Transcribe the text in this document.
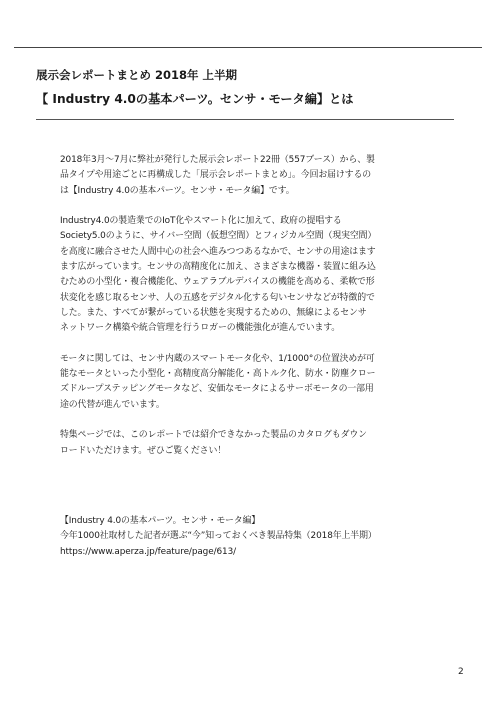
展示会レポートまとめ 2018年 上半期
【 Industry 4.0の基本パーツ。センサ・モータ編】とは

2018年3月〜7月に弊社が発行した展示会レポート22冊（557ブース）から、製
品タイプや用途ごとに再構成した「展示会レポートまとめ」。今回お届けするの
は【Industry 4.0の基本パーツ。センサ・モータ編】です。

Industry4.0の製造業でのIoT化やスマート化に加えて、政府の提唱する
Society5.0のように、サイバー空間（仮想空間）とフィジカル空間（現実空間）
を高度に融合させた人間中心の社会へ進みつつあるなかで、センサの用途はます
ます広がっています。センサの高精度化に加え、さまざまな機器・装置に組み込
むための小型化・複合機能化、ウェアラブルデバイスの機能を高める、柔軟で形
状変化を感じ取るセンサ、人の五感をデジタル化する匂いセンサなどが特徴的で
した。また、すべてが繋がっている状態を実現するための、無線によるセンサ
ネットワーク構築や統合管理を行うロガーの機能強化が進んでいます。

モータに関しては、センサ内蔵のスマートモータ化や、1/1000°の位置決めが可
能なモータといった小型化・高精度高分解能化・高トルク化、防水・防塵クロー
ズドループステッピングモータなど、安価なモータによるサーボモータの一部用
途の代替が進んでいます。

特集ページでは、このレポートでは紹介できなかった製品のカタログもダウン
ロードいただけます。ぜひご覧ください！

【Industry 4.0の基本パーツ。センサ・モータ編】
今年1000社取材した記者が選ぶ“今”知っておくべき製品特集（2018年上半期）
https://www.aperza.jp/feature/page/613/
2
